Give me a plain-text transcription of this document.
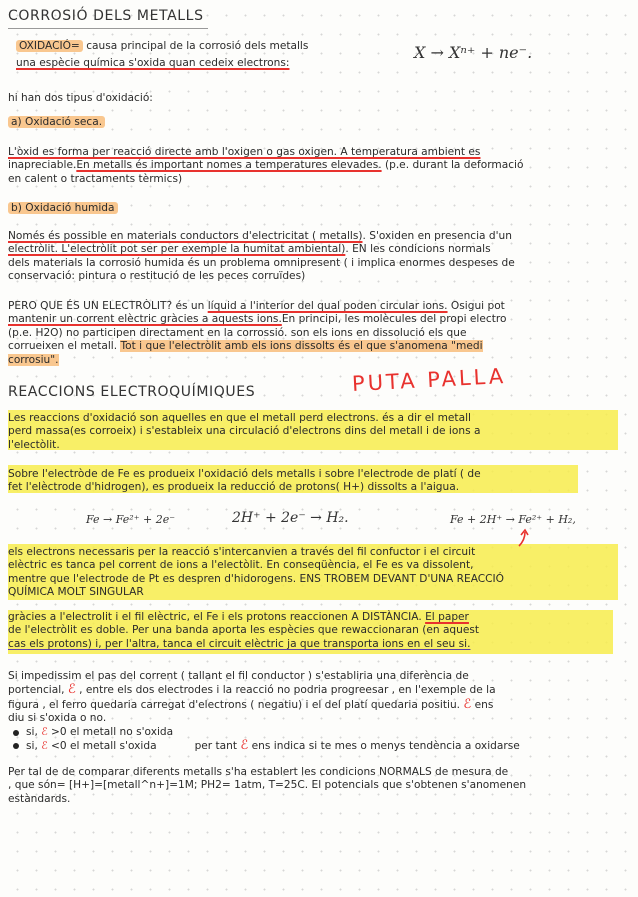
CORROSIÓ DELS METALLS
OXIDACIÓ= causa principal de la corrosió dels metalls
una espècie química s'oxida quan cedeix electrons:
X → Xⁿ⁺ + ne⁻.
hi han dos tipus d'oxidació:
a) Oxidació seca.
L'òxid es forma per reacció directe amb l'oxigen o gas oxigen. A temperatura ambient es
inapreciable.En metalls és important nomes a temperatures elevades. (p.e. durant la deformació
en calent o tractaments tèrmics)
b) Oxidació humida
Només és possible en materials conductors d'electricitat ( metalls). S'oxiden en presencia d'un
electròlit. L'electròlit pot ser per exemple la humitat ambiental). EN les condicions normals
dels materials la corrosió humida és un problema omnipresent ( i implica enormes despeses de
conservació: pintura o restitució de les peces corruïdes)
PERO QUE ÉS UN ELECTRÒLIT? és un líquid a l'interior del qual poden circular ions. Osigui pot
mantenir un corrent elèctric gràcies a aquests ions.En principi, les molècules del propi electro
(p.e. H2O) no participen directament en la corrossió. son els ions en dissolució els que
corrueixen el metall. Tot i que l'electròlit amb els ions dissolts és el que s'anomena "medi
corrosiu".
REACCIONS ELECTROQUÍMIQUES	PUTA PALLA
Les reaccions d'oxidació son aquelles en que el metall perd electrons. és a dir el metall
perd massa(es corroeix) i s'estableix una circulació d'electrons dins del metall i de ions a
l'electòlit.
Sobre l'electròde de Fe es produeix l'oxidació dels metalls i sobre l'electrode de platí ( de
fet l'elèctrode d'hidrogen), es produeix la reducció de protons( H+) dissolts a l'aigua.
Fe → Fe²⁺ + 2e⁻	2H⁺ + 2e⁻ → H₂.	Fe + 2H⁺ → Fe²⁺ + H₂,
els electrons necessaris per la reacció s'intercanvien a través del fil confuctor i el circuit
elèctric es tanca pel corrent de ions a l'electòlit. En conseqüència, el Fe es va dissolent,
mentre que l'electrode de Pt es despren d'hidorogens. ENS TROBEM DEVANT D'UNA REACCIÓ
QUÍMICA MOLT SINGULAR
gràcies a l'electrolit i el fil elèctric, el Fe i els protons reaccionen A DISTÀNCIA. El paper
de l'electròlit es doble. Per una banda aporta les espècies que rewaccionaran (en aquest
cas els protons) i, per l'altra, tanca el circuit elèctric ja que transporta ions en el seu si.
Si impedissim el pas del corrent ( tallant el fil conductor ) s'establiria una diferència de
portencial, ℰ , entre els dos electrodes i la reacció no podria progreesar , en l'exemple de la
figura , el ferro quedaria carregat d'electrons ( negatiu) i el del platí quedaria positiu. ℰ ens
diu si s'oxida o no.
si, ℰ >0 el metall no s'oxida
si, ℰ <0 el metall s'oxida	per tant ℰ ens indica si te mes o menys tendència a oxidarse
Per tal de de comparar diferents metalls s'ha establert les condicions NORMALS de mesura de
, que són= [H+]=[metall^n+]=1M; PH2= 1atm, T=25C. El potencials que s'obtenen s'anomenen
estàndards.
